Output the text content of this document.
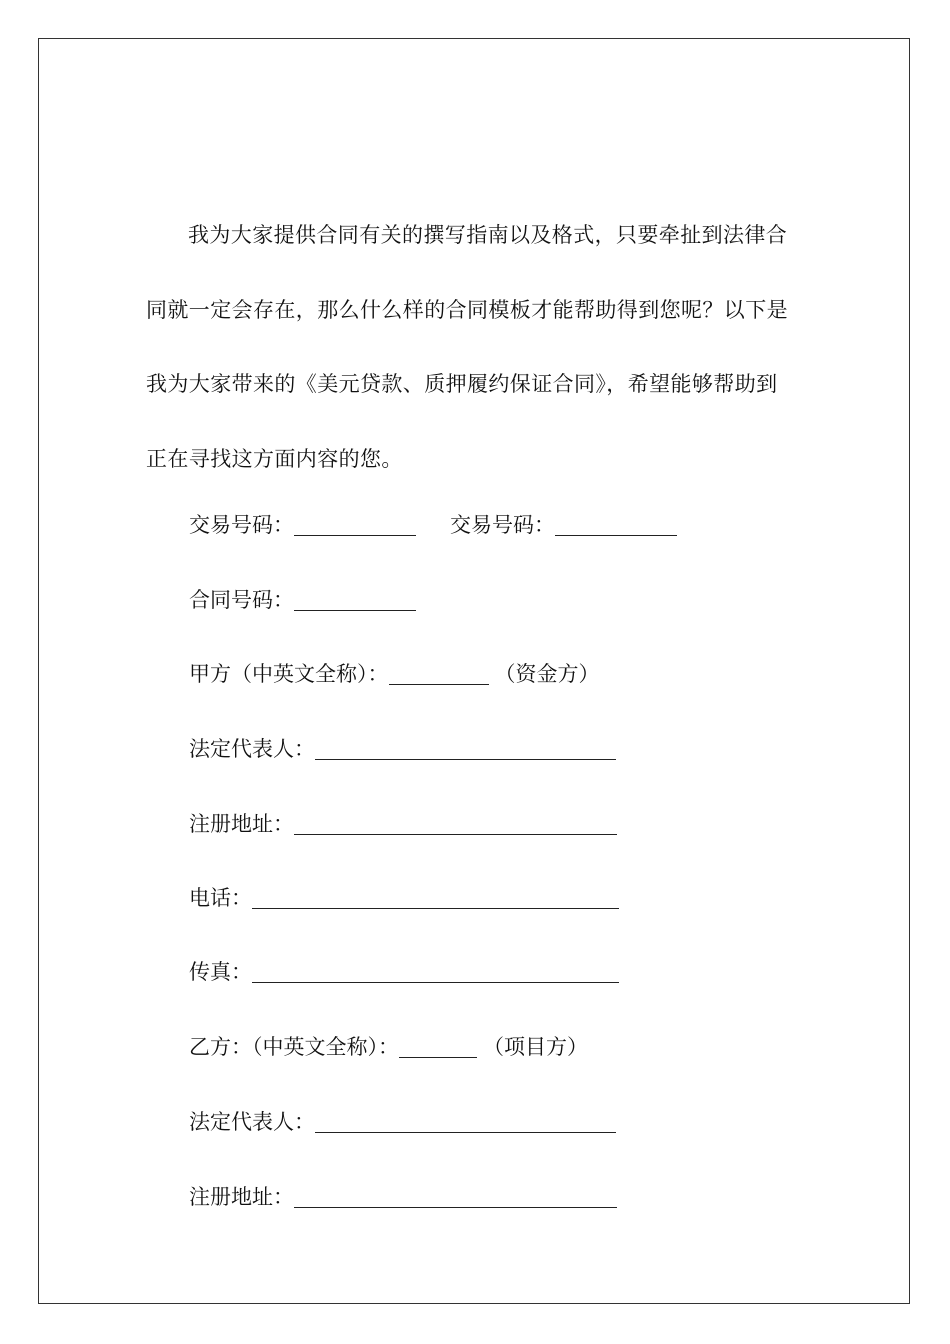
我为大家提供合同有关的撰写指南以及格式，只要牵扯到法律合同就一定会存在，那么什么样的合同模板才能帮助得到您呢？以下是我为大家带来的《美元贷款、质押履约保证合同》，希望能够帮助到正在寻找这方面内容的您。

交易号码：	交易号码：
合同号码：
甲方（中英文全称）：	（资金方）
法定代表人：
注册地址：
电话：
传真：
乙方：（中英文全称）：	（项目方）
法定代表人：
注册地址：
